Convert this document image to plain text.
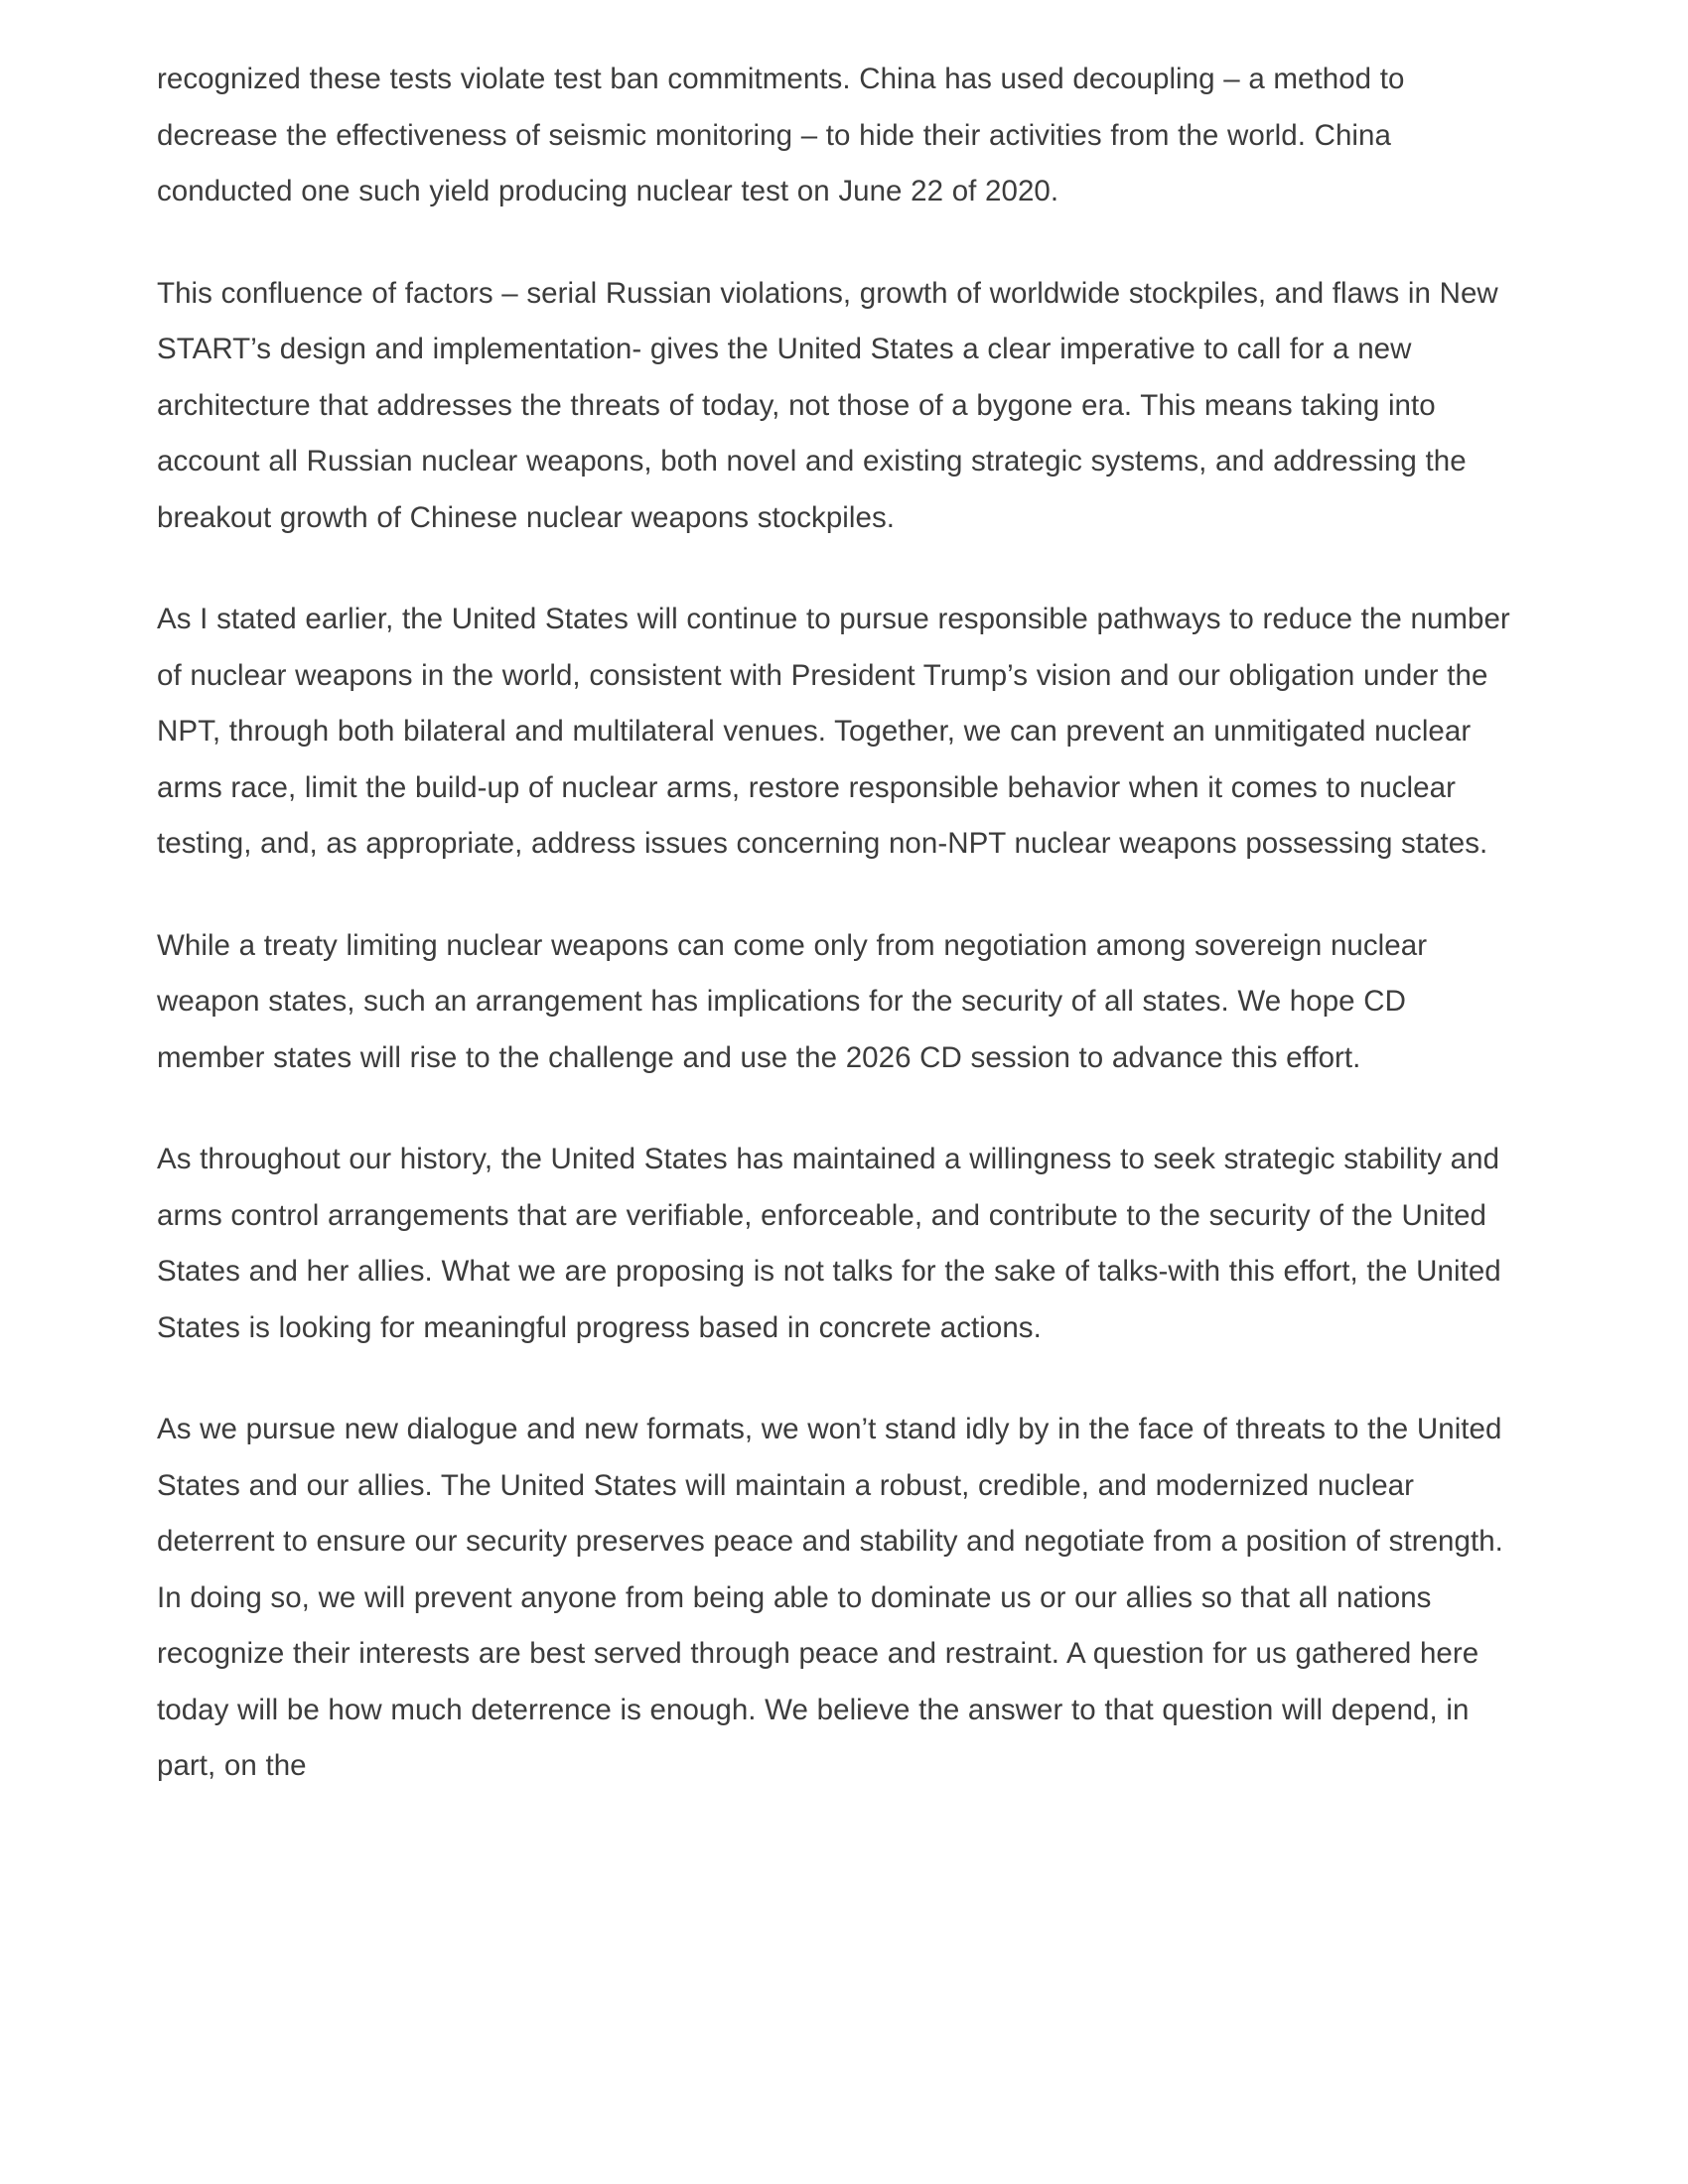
recognized these tests violate test ban commitments. China has used decoupling – a method to decrease the effectiveness of seismic monitoring – to hide their activities from the world. China conducted one such yield producing nuclear test on June 22 of 2020.

This confluence of factors – serial Russian violations, growth of worldwide stockpiles, and flaws in New START’s design and implementation- gives the United States a clear imperative to call for a new architecture that addresses the threats of today, not those of a bygone era. This means taking into account all Russian nuclear weapons, both novel and existing strategic systems, and addressing the breakout growth of Chinese nuclear weapons stockpiles.

As I stated earlier, the United States will continue to pursue responsible pathways to reduce the number of nuclear weapons in the world, consistent with President Trump’s vision and our obligation under the NPT, through both bilateral and multilateral venues. Together, we can prevent an unmitigated nuclear arms race, limit the build-up of nuclear arms, restore responsible behavior when it comes to nuclear testing, and, as appropriate, address issues concerning non-NPT nuclear weapons possessing states.

While a treaty limiting nuclear weapons can come only from negotiation among sovereign nuclear weapon states, such an arrangement has implications for the security of all states. We hope CD member states will rise to the challenge and use the 2026 CD session to advance this effort.

As throughout our history, the United States has maintained a willingness to seek strategic stability and arms control arrangements that are verifiable, enforceable, and contribute to the security of the United States and her allies. What we are proposing is not talks for the sake of talks-with this effort, the United States is looking for meaningful progress based in concrete actions.

As we pursue new dialogue and new formats, we won’t stand idly by in the face of threats to the United States and our allies. The United States will maintain a robust, credible, and modernized nuclear deterrent to ensure our security preserves peace and stability and negotiate from a position of strength. In doing so, we will prevent anyone from being able to dominate us or our allies so that all nations recognize their interests are best served through peace and restraint. A question for us gathered here today will be how much deterrence is enough. We believe the answer to that question will depend, in part, on the
